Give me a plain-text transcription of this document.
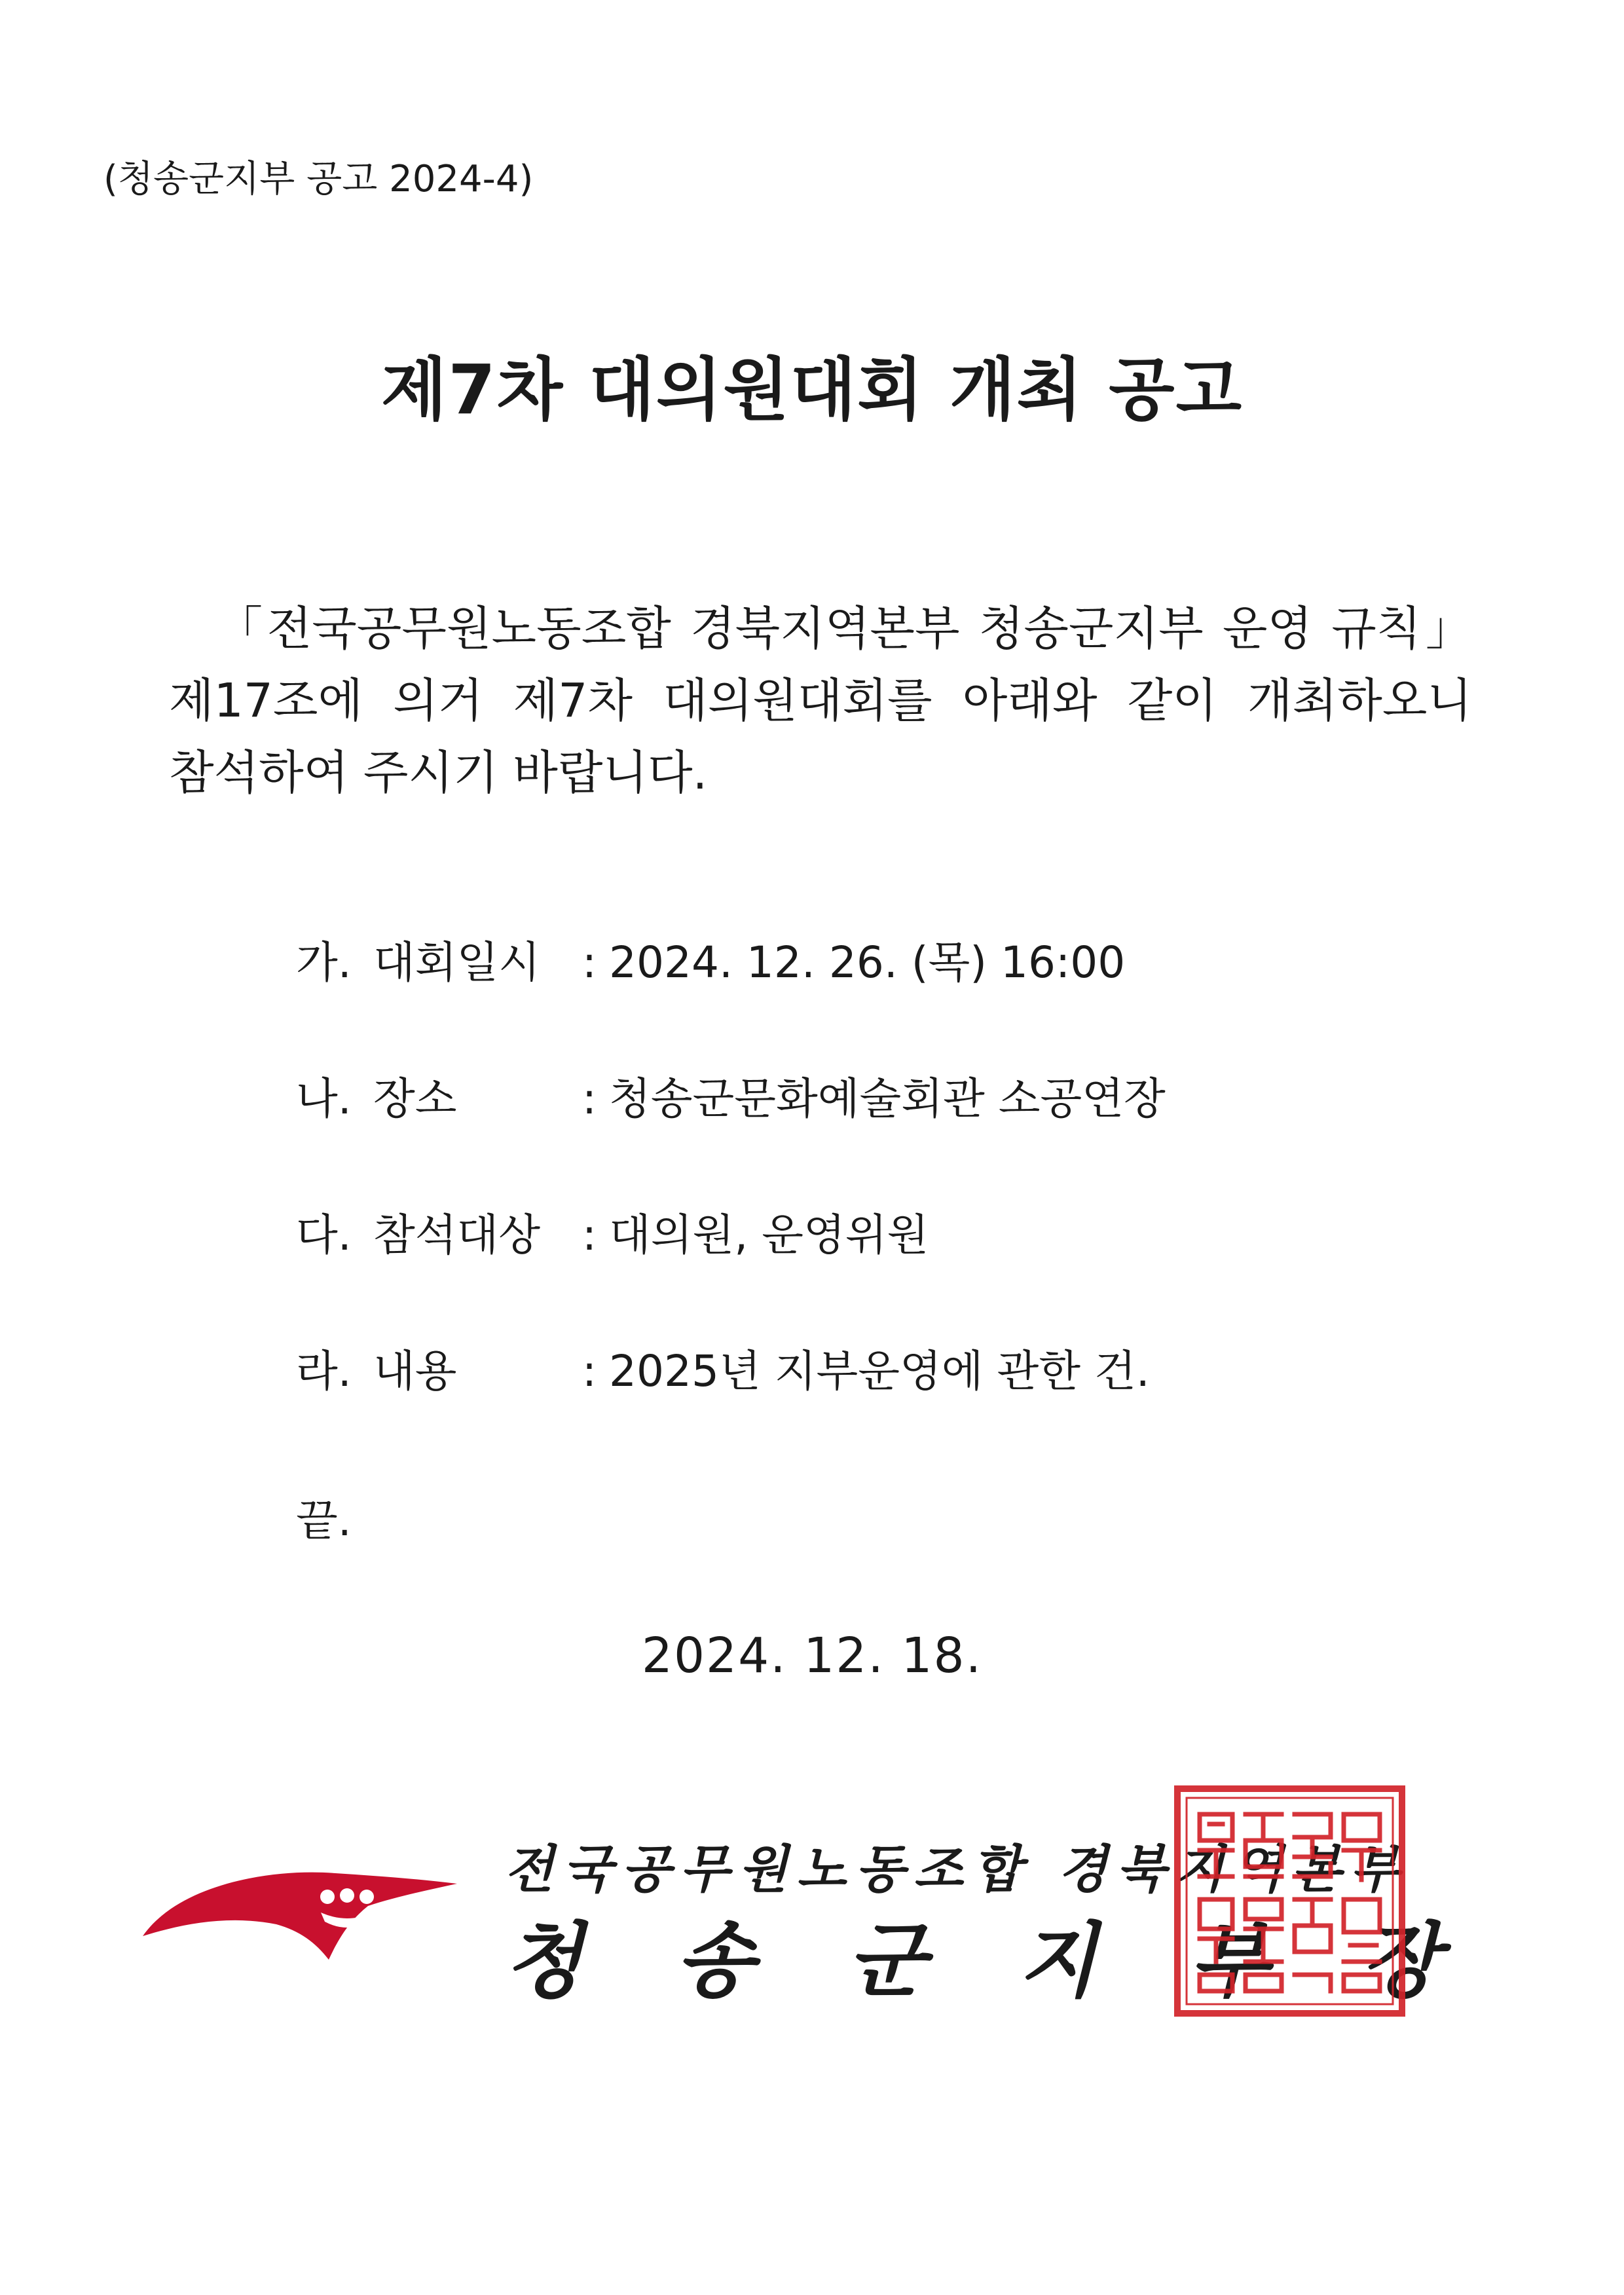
(청송군지부 공고 2024-4)
제7차 대의원대회 개최 공고
「전국공무원노동조합 경북지역본부 청송군지부 운영 규칙」
제17조에 의거 제7차 대의원대회를 아래와 같이 개최하오니
참석하여 주시기 바랍니다.
가. 대회일시 : 2024. 12. 26. (목) 16:00
나. 장소	: 청송군문화예술회관 소공연장
다. 참석대상 : 대의원, 운영위원
라. 내용	: 2025년 지부운영에 관한 건.
끝.
2024. 12. 18.
전국공무원노동조합 경북지역본부
청송군지부장
